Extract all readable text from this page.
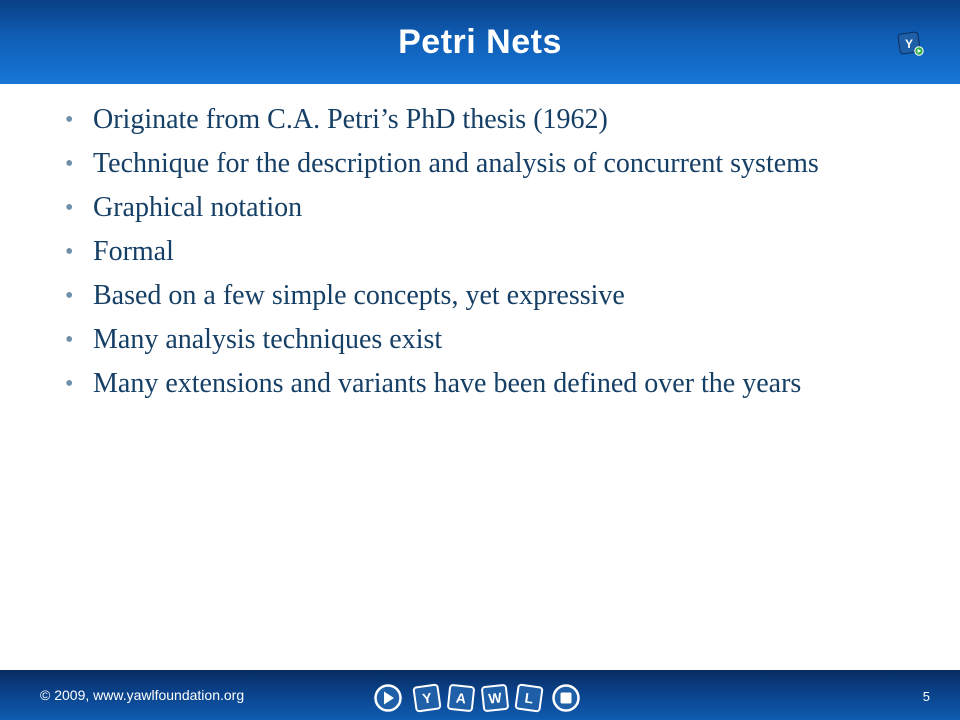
Petri Nets	Y
• Originate from C.A. Petri’s PhD thesis (1962)
• Technique for the description and analysis of concurrent systems
• Graphical notation
• Formal
• Based on a few simple concepts, yet expressive
• Many analysis techniques exist
• Many extensions and variants have been defined over the years
© 2009, www.yawlfoundation.org	Y A W L	5
